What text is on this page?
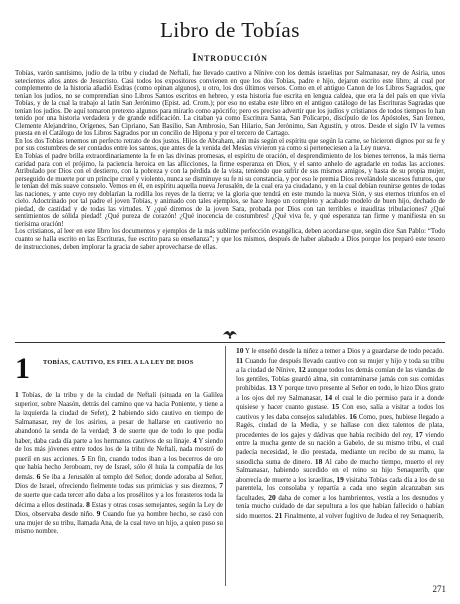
Libro de Tobías
Introducción

Tobías, varón santísimo, judío de la tribu y ciudad de Neftalí, fue llevado cautivo a Nínive con los demás israelitas por Salmanasar, rey de Asiria, unos setecientos años antes de Jesucristo. Casi todos los expositores convienen en que los dos Tobías, padre e hijo, dejaron escrito este libro; al cual por complemento de la historia añadió Esdras (como opinan algunos), u otro, los dos últimos versos. Como en el antiguo Canon de los Libros Sagrados, que tenían los judíos, no se comprendían sino Libros Santos escritos en hebreo, y esta historia fue escrita en lengua caldea, que era la del país en que vivía Tobías, y de la cual la trabajo al latín San Jerónimo (Epist. ad. Crom.); por eso no estaba este libro en el antiguo catálogo de las Escrituras Sagradas que tenían los judíos. De aquí tomaron pretexto algunos para mirarlo como apócrifo; pero es preciso advertir que los judíos y cristianos de todos tiempos lo han tenido por una historia verdadera y de grande edificación. La citaban ya como Escritura Santa, San Policarpo, discípulo de los Apóstoles, San Ireneo, Clemente Alejandrino, Orígenes, San Cipriano, San Basilio, San Ambrosio, San Hilario, San Jerónimo, San Agustín, y otros. Desde el siglo IV la vemos puesta en el Catálogo de los Libros Sagrados por un concilio de Hipona y por el tercero de Cartago.

En los dos Tobías tenemos un perfecto retrato de dos justos. Hijos de Abraham, aún más según el espíritu que según la carne, se hicieron dignos por su fe y por sus costumbres de ser contados entre los santos, que antes de la venida del Mesías vivieron ya como si perteneciesen a la Ley nueva.

En Tobías el padre brilla extraordinariamente la fe en las divinas promesas, el espíritu de oración, el desprendimiento de los bienes terrenos, la más tierna caridad para con el prójimo, la paciencia heroica en las aflicciones, la firme esperanza en Dios, y el santo anhelo de agradarle en todas las acciones. Atribulado por Dios con el destierro, con la pobreza y con la pérdida de la vista, teniendo que sufrir de sus mismos amigos, y hasta de su propia mujer, perseguido de muerte por un príncipe cruel y violento, nunca se disminuye su fe ni su constancia, y por eso le premia Dios revelándole sucesos futuros, que le tenían del más suave consuelo. Vemos en él, en espíritu aquella nueva Jerusalén, de la cual era ya ciudadano, y en la cual debían reunirse gentes de todas las naciones, y ante cuyo rey doblarían la rodilla los reyes de la tierra; ve la gloria que tendrá en este mundo la nueva Sión, y sus eternos triunfos en el cielo. Adoctrinado por tal padre el joven Tobías, y animado con tales ejemplos, se hace luego un completo y acabado modelo de buen hijo, dechado de piedad, de castidad y de todas las virtudes. Y ¿qué diremos de la joven Sara, probada por Dios con tan terribles e inauditas tribulaciones? ¿Qué sentimientos de sólida piedad! ¿Qué pureza de corazón! ¿Qué inocencia de costumbres! ¿Qué viva fe, y qué esperanza tan firme y manifiesta en su tierísima oración!

Los cristianos, al leer en este libro los documentos y ejemplos de la más sublime perfección evangélica, deben acordarse que, según dice San Pablo: “Todo cuanto se halla escrito en las Escrituras, fue escrito para su enseñanza”; y que los mismos, después de haber alabado a Dios porque los preparó este tesoro de instrucciones, deben implorar la gracia de saber aprovecharse de ellas.

1	TOBÍAS, CAUTIVO, ES FIEL A LA LEY DE DIOS

1 Tobías, de la tribu y de la ciudad de Neftalí (situada en la Galilea superior, sobre Naasón, detrás del camino que va hacia Poniente, y tiene a la izquierda la ciudad de Sefet), 2 habiendo sido cautivo en tiempo de Salmanasar, rey de los asirios, a pesar de hallarse en cautiverio no abandonó la senda de la verdad; 3 de suerte que de todo lo que podía haber, daba cada día parte a los hermanos cautivos de su linaje. 4 Y siendo de los más jóvenes entre todos los de la tribu de Neftalí, nada mostró de pueril en sus acciones. 5 En fin, cuando todos iban a los becerros de oro que había hecho Jeroboam, rey de Israel, sólo él huía la compañía de los demás. 6 Se iba a Jerusalén al templo del Señor, donde adoraba al Señor, Dios de Israel, ofreciendo fielmente todas sus primicias y sus diezmos, 7 de suerte que cada tercer año daba a los prosélitos y a los forasteros toda la décima a ellos destinada. 8 Estas y otras cosas semejantes, según la Ley de Dios, observaba desde niño. 9 Cuando fue ya hombre hecho, se casó con una mujer de su tribu, llamada Ana, de la cual tuvo un hijo, a quien puso su mismo nombre.

10 Y le enseñó desde la niñez a temer a Dios y a guardarse de todo pecado. 11 Cuando fue después llevado cautivo con su mujer y hijo y toda su tribu a la ciudad de Nínive, 12 aunque todos los demás comían de las viandas de los gentiles, Tobías guardó alma, sin contaminarse jamás con sus comidas prohibidas. 13 Y porque tuvo presente al Señor en todo, le hizo Dios grato a los ojos del rey Salmanasar, 14 el cual le dio permiso para ir a donde quisiese y hacer cuanto gustase. 15 Con eso, salía a visitar a todos los cautivos y les daba consejos saludables. 16 Como, pues, hubiese llegado a Ragés, ciudad de la Media, y se hallase con diez talentos de plata, procedentes de los gajes y dádivas que había recibido del rey, 17 viendo entre la mucha gente de su nación a Gabelo, de su mismo tribu, el cual padecía necesidad, le dio prestada, mediante un recibo de su mano, la susodicha suma de dinero. 18 Al cabo de mucho tiempo, muerto el rey Salmanasar, habiendo sucedido en el reino su hijo Senaquerib, que aborrecía de muerte a los israelitas, 19 visitaba Tobías cada día a los de su parentela, los consolaba y repartía a cada uno según alcanzaban sus facultades, 20 daba de comer a los hambrientos, vestía a los desnudos y tenía mucho cuidado de dar sepultura a los que habían fallecido o habían sido muertos. 21 Finalmente, al volver fugitivo de Judea el rey Senaquerib,

271
